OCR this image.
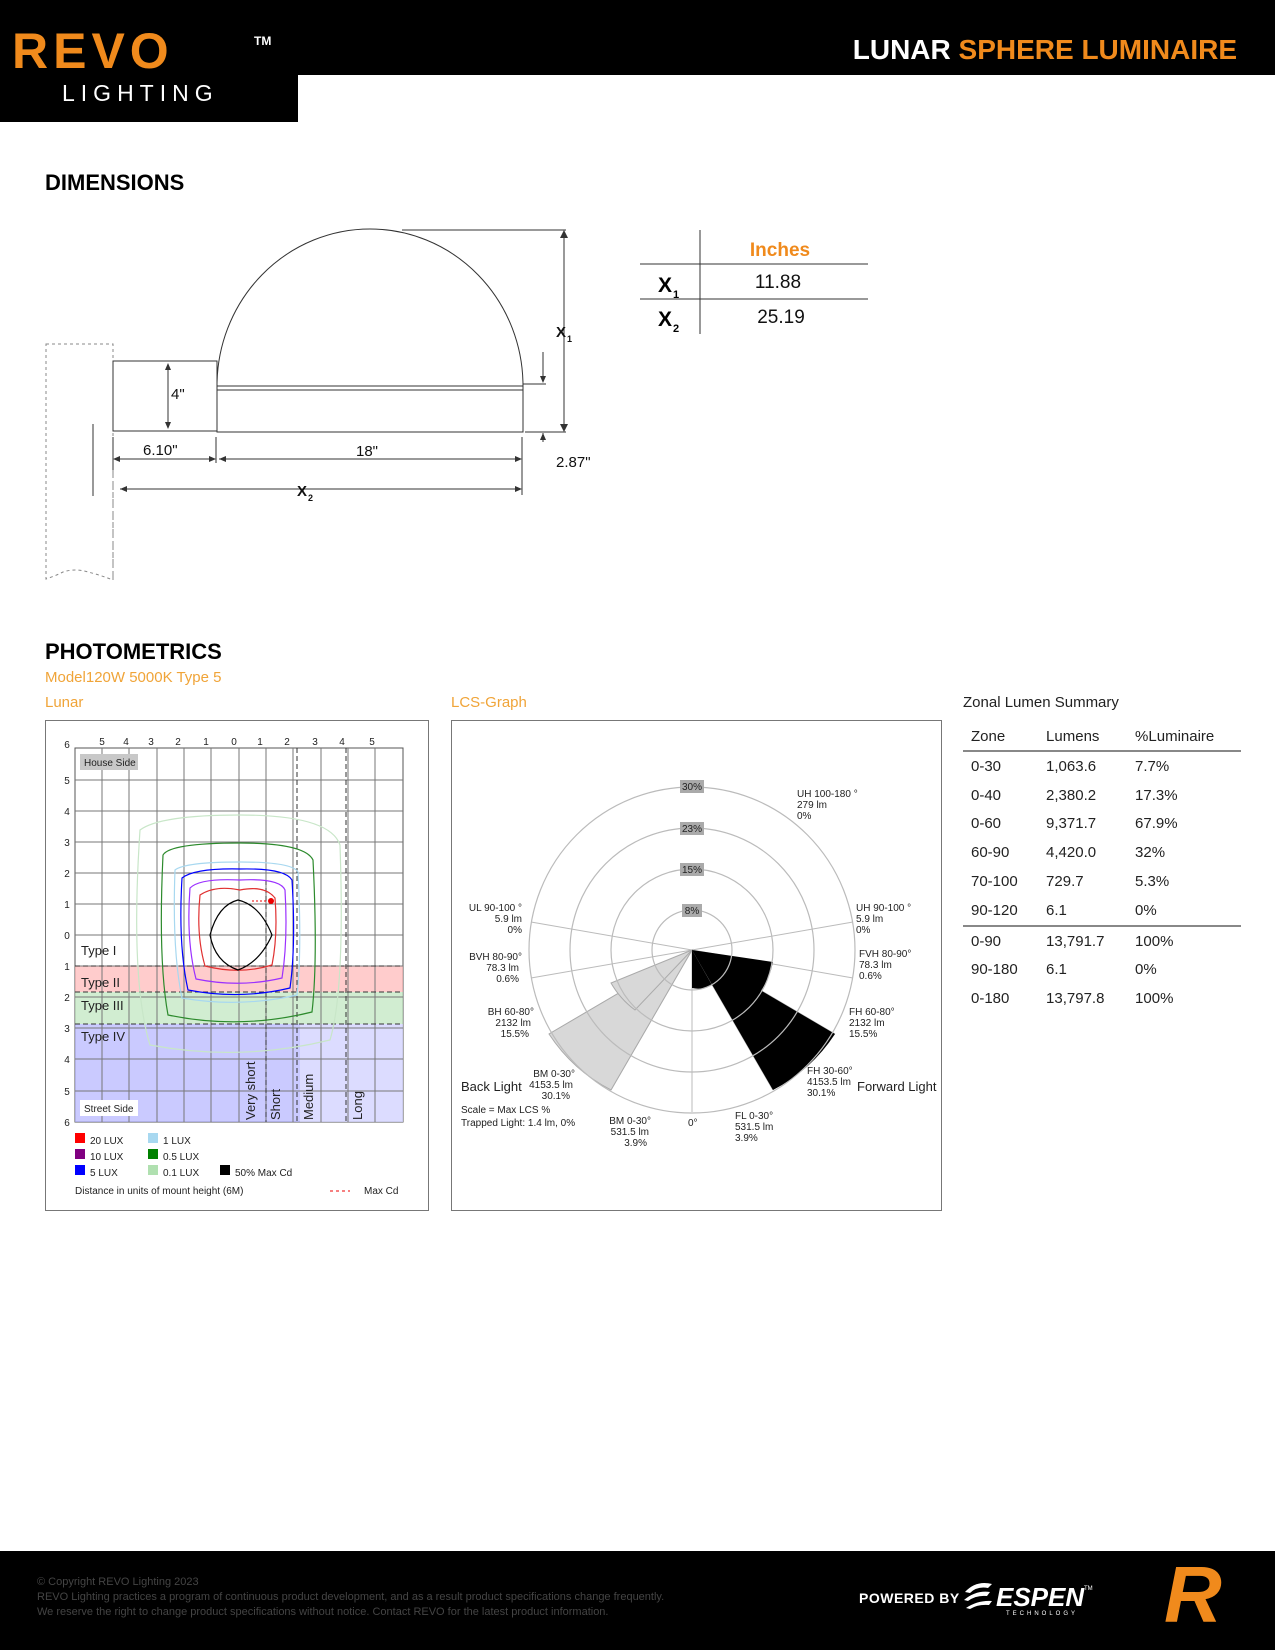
REVO	TM
LIGHTING
LUNAR SPHERE LUMINAIRE
DIMENSIONS
4"
6.10"	18"
2.87"
X 1
X 2
Inches
X 1
11.88
X 2
25.19
PHOTOMETRICS
Model120W 5000K Type 5
Lunar	LCS-Graph
House Side
Street Side
Type I
Type II
Type III
Type IV
Very short Short Medium	Long
5 4 3 2 1 0 1 2 3 4 5
6
5
4
3
2
1
0
1
2
3
4
5
6
20 LUX	1 LUX
10 LUX	0.5 LUX
5 LUX	0.1 LUX	50% Max Cd
Distance in units of mount height (6M)	Max Cd
30%
23%
15%
8%
UH 100-180 °
279 lm
0%
UH 90-100 °
5.9 lm
0%
FVH 80-90°
78.3 lm
0.6%
FH 60-80°
2132 lm
15.5%
FH 30-60°
4153.5 lm
30.1%
FL 0-30°
531.5 lm
3.9%
UL 90-100 °
5.9 lm
0%
BVH 80-90°
78.3 lm
0.6%
BH 60-80°
2132 lm
15.5%
BM 0-30°
4153.5 lm
30.1%
BM 0-30°
531.5 lm
3.9%
Back Light	Forward Light
0°
Scale = Max LCS %
Trapped Light: 1.4 lm, 0%
Zonal Lumen Summary
Zone	Lumens	%Luminaire
0-30	1,063.6	7.7%
0-40	2,380.2	17.3%
0-60	9,371.7	67.9%
60-90	4,420.0	32%
70-100	729.7	5.3%
90-120	6.1	0%
0-90	13,791.7	100%
90-180	6.1	0%
0-180	13,797.8	100%
© Copyright REVO Lighting 2023
REVO Lighting practices a program of continuous product development, and as a result product specifications change frequently.
We reserve the right to change product specifications without notice. Contact REVO for the latest product information.
POWERED BY ESPEN TM
TECHNOLOGY R
